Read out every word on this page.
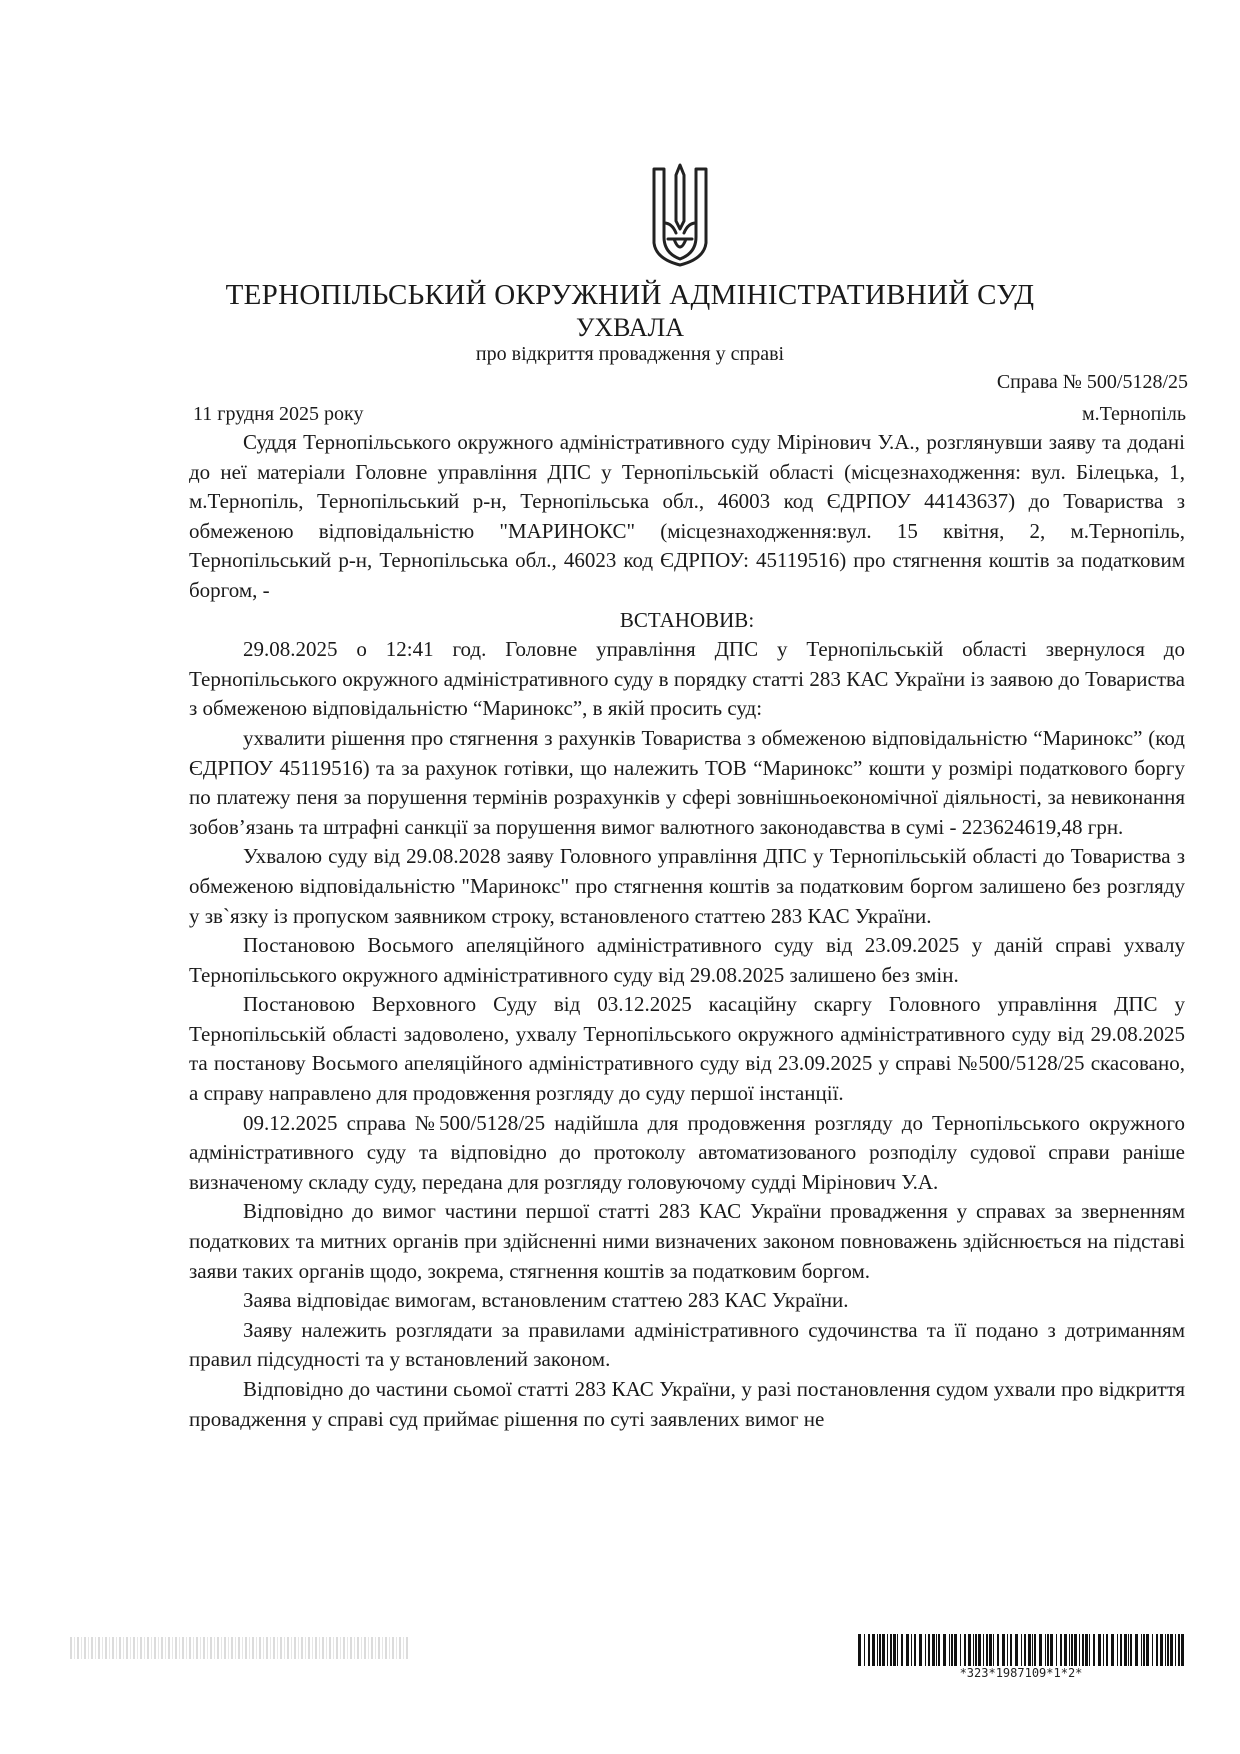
ТЕРНОПІЛЬСЬКИЙ ОКРУЖНИЙ АДМІНІСТРАТИВНИЙ СУД
УХВАЛА
про відкриття провадження у справі
Справа № 500/5128/25
11 грудня 2025 року	м.Тернопіль

Суддя Тернопільського окружного адміністративного суду Мірінович У.А., розглянувши заяву та додані до неї матеріали Головне управління ДПС у Тернопільській області (місцезнаходження: вул. Білецька, 1, м.Тернопіль, Тернопільський р-н, Тернопільська обл., 46003 код ЄДРПОУ 44143637) до Товариства з обмеженою відповідальністю "МАРИНОКС" (місцезнаходження:вул. 15 квітня, 2, м.Тернопіль, Тернопільський р-н, Тернопільська обл., 46023 код ЄДРПОУ: 45119516) про стягнення коштів за податковим боргом, -

ВСТАНОВИВ:

29.08.2025 о 12:41 год. Головне управління ДПС у Тернопільській області звернулося до Тернопільського окружного адміністративного суду в порядку статті 283 КАС України із заявою до Товариства з обмеженою відповідальністю “Маринокс”, в якій просить суд:

ухвалити рішення про стягнення з рахунків Товариства з обмеженою відповідальністю “Маринокс” (код ЄДРПОУ 45119516) та за рахунок готівки, що належить ТОВ “Маринокс” кошти у розмірі податкового боргу по платежу пеня за порушення термінів розрахунків у сфері зовнішньоекономічної діяльності, за невиконання зобов’язань та штрафні санкції за порушення вимог валютного законодавства в сумі - 223624619,48 грн.

Ухвалою суду від 29.08.2028 заяву Головного управління ДПС у Тернопільській області до Товариства з обмеженою відповідальністю "Маринокс" про стягнення коштів за податковим боргом залишено без розгляду у зв`язку із пропуском заявником строку, встановленого статтею 283 КАС України.

Постановою Восьмого апеляційного адміністративного суду від 23.09.2025 у даній справі ухвалу Тернопільського окружного адміністративного суду від 29.08.2025 залишено без змін.

Постановою Верховного Суду від 03.12.2025 касаційну скаргу Головного управління ДПС у Тернопільській області задоволено, ухвалу Тернопільського окружного адміністративного суду від 29.08.2025 та постанову Восьмого апеляційного адміністративного суду від 23.09.2025 у справі №500/5128/25 скасовано, а справу направлено для продовження розгляду до суду першої інстанції.

09.12.2025 справа №500/5128/25 надійшла для продовження розгляду до Тернопільського окружного адміністративного суду та відповідно до протоколу автоматизованого розподілу судової справи раніше визначеному складу суду, передана для розгляду головуючому судді Мірінович У.А.

Відповідно до вимог частини першої статті 283 КАС України провадження у справах за зверненням податкових та митних органів при здійсненні ними визначених законом повноважень здійснюється на підставі заяви таких органів щодо, зокрема, стягнення коштів за податковим боргом.

Заява відповідає вимогам, встановленим статтею 283 КАС України.

Заяву належить розглядати за правилами адміністративного судочинства та її подано з дотриманням правил підсудності та у встановлений законом.

Відповідно до частини сьомої статті 283 КАС України, у разі постановлення судом ухвали про відкриття провадження у справі суд приймає рішення по суті заявлених вимог не

*323*1987109*1*2*
